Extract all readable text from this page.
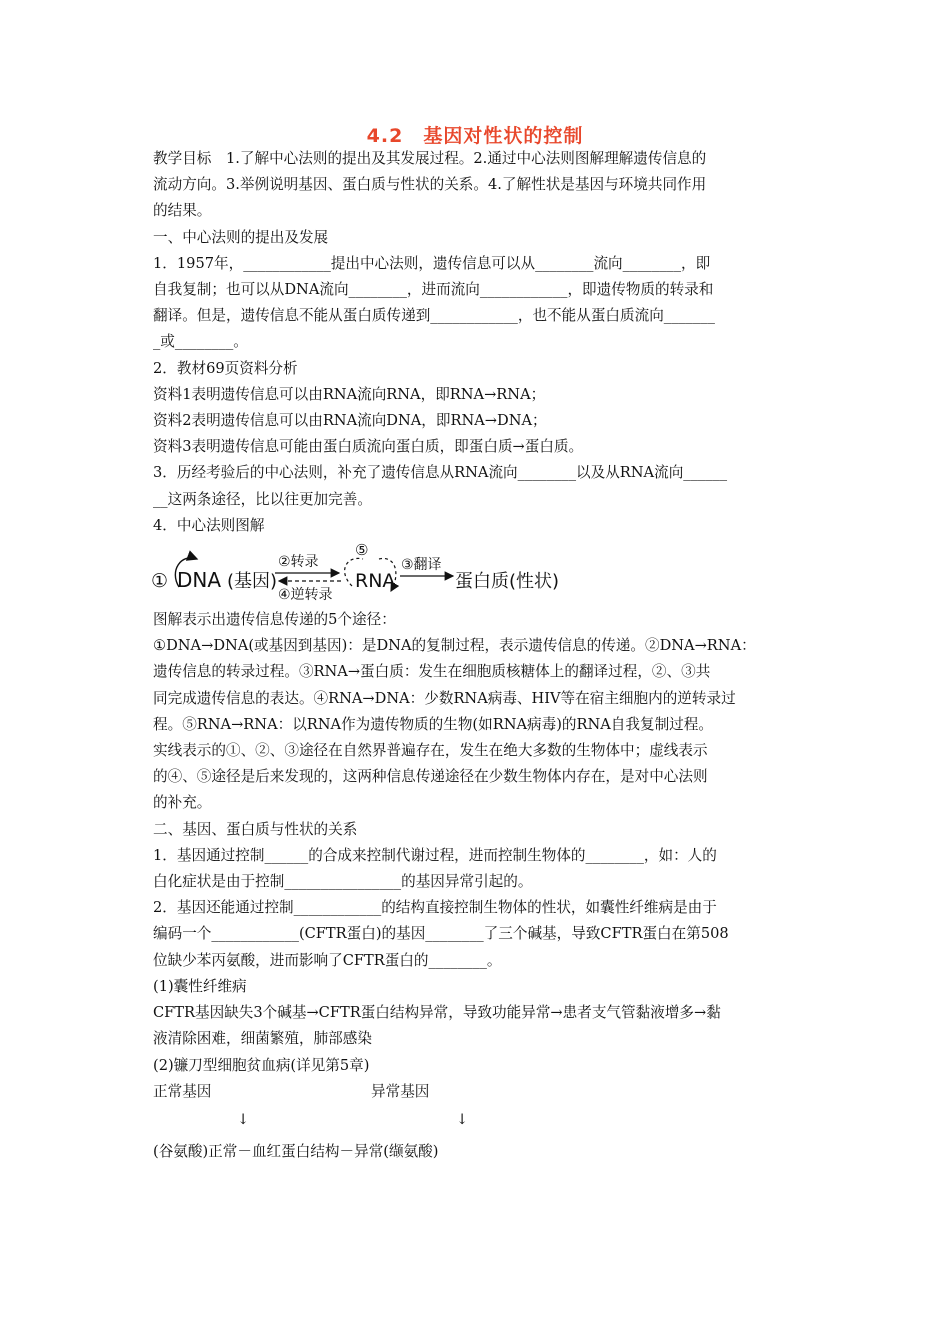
4.2　基因对性状的控制

教学目标　1.了解中心法则的提出及其发展过程。2.通过中心法则图解理解遗传信息的

流动方向。3.举例说明基因、蛋白质与性状的关系。4.了解性状是基因与环境共同作用

的结果。

一、中心法则的提出及发展

1．1957年，____________提出中心法则，遗传信息可以从________流向________，即

自我复制；也可以从DNA流向________，进而流向____________，即遗传物质的转录和

翻译。但是，遗传信息不能从蛋白质传递到____________，也不能从蛋白质流向_______

_或________。

2．教材69页资料分析

资料1表明遗传信息可以由RNA流向RNA，即RNA→RNA；

资料2表明遗传信息可以由RNA流向DNA，即RNA→DNA；

资料3表明遗传信息可能由蛋白质流向蛋白质，即蛋白质→蛋白质。

3．历经考验后的中心法则，补充了遗传信息从RNA流向________以及从RNA流向______

__这两条途径，比以往更加完善。

4．中心法则图解

① DNA (基因)
②转录
④逆转录
⑤
RNA
③翻译
蛋白质(性状)

图解表示出遗传信息传递的5个途径：

①DNA→DNA(或基因到基因)：是DNA的复制过程，表示遗传信息的传递。②DNA→RNA：

遗传信息的转录过程。③RNA→蛋白质：发生在细胞质核糖体上的翻译过程，②、③共

同完成遗传信息的表达。④RNA→DNA：少数RNA病毒、HIV等在宿主细胞内的逆转录过

程。⑤RNA→RNA：以RNA作为遗传物质的生物(如RNA病毒)的RNA自我复制过程。

实线表示的①、②、③途径在自然界普遍存在，发生在绝大多数的生物体中；虚线表示

的④、⑤途径是后来发现的，这两种信息传递途径在少数生物体内存在，是对中心法则

的补充。

二、基因、蛋白质与性状的关系

1．基因通过控制______的合成来控制代谢过程，进而控制生物体的________，如：人的

白化症状是由于控制________________的基因异常引起的。

2．基因还能通过控制____________的结构直接控制生物体的性状，如囊性纤维病是由于

编码一个____________(CFTR蛋白)的基因________了三个碱基，导致CFTR蛋白在第508

位缺少苯丙氨酸，进而影响了CFTR蛋白的________。

(1)囊性纤维病

CFTR基因缺失3个碱基→CFTR蛋白结构异常，导致功能异常→患者支气管黏液增多→黏

液清除困难，细菌繁殖，肺部感染

(2)镰刀型细胞贫血病(详见第5章)

正常基因	异常基因
↓	↓
(谷氨酸)正常－血红蛋白结构－异常(缬氨酸)
